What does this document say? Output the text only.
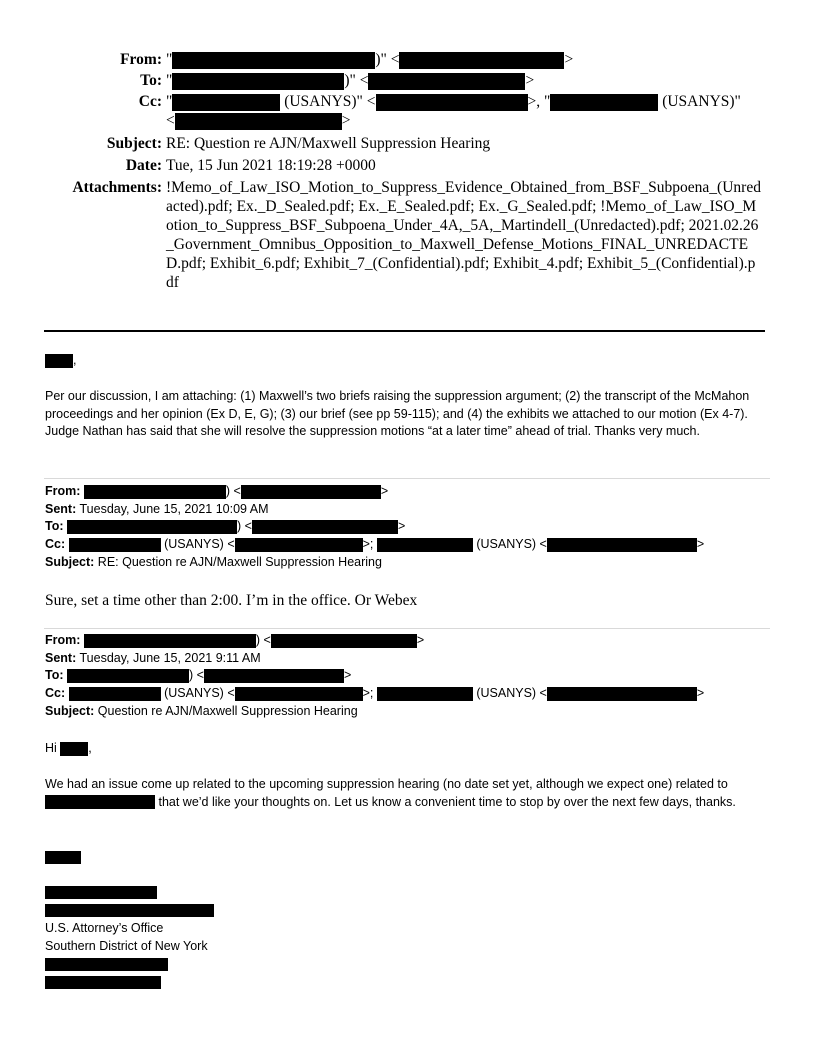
From: "	)" <	>
To: "	)" <	>
Cc: "	(USANYS)" <	>, "	(USANYS)"
<	>
Subject: RE: Question re AJN/Maxwell Suppression Hearing
Date: Tue, 15 Jun 2021 18:19:28 +0000
Attachments: !Memo_of_Law_ISO_Motion_to_Suppress_Evidence_Obtained_from_BSF_Subpoena_(Unredacted).pdf; Ex._D_Sealed.pdf; Ex._E_Sealed.pdf; Ex._G_Sealed.pdf; !Memo_of_Law_ISO_Motion_to_Suppress_BSF_Subpoena_Under_4A,_5A,_Martindell_(Unredacted).pdf; 2021.02.26_Government_Omnibus_Opposition_to_Maxwell_Defense_Motions_FINAL_UNREDACTED.pdf; Exhibit_6.pdf; Exhibit_7_(Confidential).pdf; Exhibit_4.pdf; Exhibit_5_(Confidential).pdf
,
Per our discussion, I am attaching: (1) Maxwell’s two briefs raising the suppression argument; (2) the transcript of the McMahon proceedings and her opinion (Ex D, E, G); (3) our brief (see pp 59-115); and (4) the exhibits we attached to our motion (Ex 4-7). Judge Nathan has said that she will resolve the suppression motions “at a later time” ahead of trial. Thanks very much.
From:	) <	>
Sent: Tuesday, June 15, 2021 10:09 AM
To:	) <	>
Cc:	(USANYS) <	>;	(USANYS) <	>
Subject: RE: Question re AJN/Maxwell Suppression Hearing
Sure, set a time other than 2:00. I’m in the office. Or Webex
From:	) <	>
Sent: Tuesday, June 15, 2021 9:11 AM
To:	) <	>
Cc:	(USANYS) <	>;	(USANYS) <	>
Subject: Question re AJN/Maxwell Suppression Hearing
Hi	,
We had an issue come up related to the upcoming suppression hearing (no date set yet, although we expect one) related to  that we’d like your thoughts on. Let us know a convenient time to stop by over the next few days, thanks.
U.S. Attorney’s Office
Southern District of New York
